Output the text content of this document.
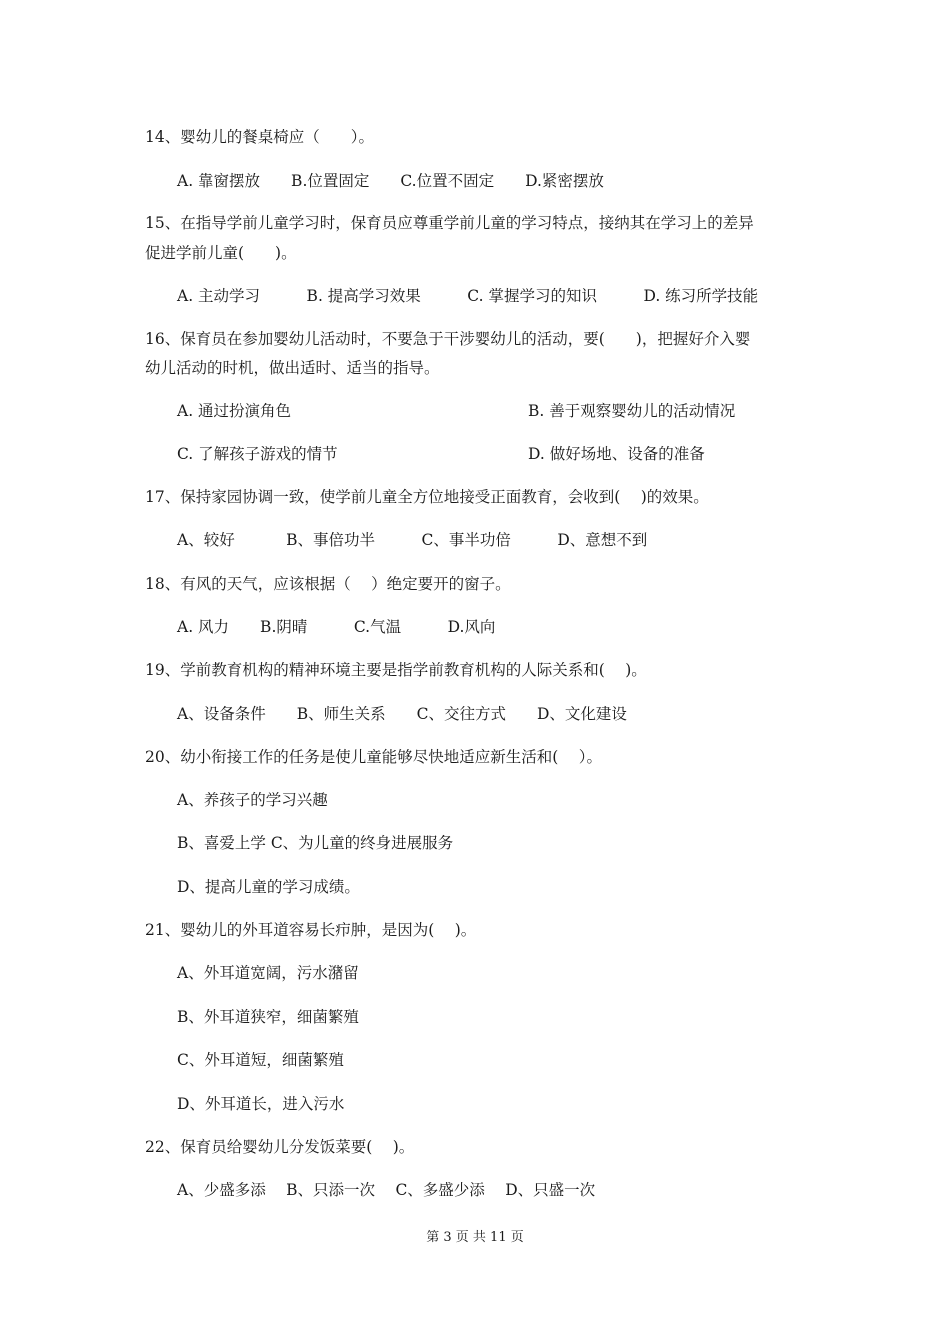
14、婴幼儿的餐桌椅应（　　）。
A. 靠窗摆放　　B.位置固定　　C.位置不固定　　D.紧密摆放
15、在指导学前儿童学习时，保育员应尊重学前儿童的学习特点，接纳其在学习上的差异
促进学前儿童(　　)。
A. 主动学习　　　B. 提高学习效果　　　C. 掌握学习的知识　　　D. 练习所学技能
16、保育员在参加婴幼儿活动时，不要急于干涉婴幼儿的活动，要(　　)，把握好介入婴
幼儿活动的时机，做出适时、适当的指导。
A. 通过扮演角色	B. 善于观察婴幼儿的活动情况
C. 了解孩子游戏的情节	D. 做好场地、设备的准备
17、保持家园协调一致，使学前儿童全方位地接受正面教育，会收到(　 )的效果。
A、较好　　　 B、事倍功半　　　C、事半功倍　　　D、意想不到
18、有风的天气，应该根据（　 ）绝定要开的窗子。
A. 风力　　B.阴晴　　　C.气温　　　D.风向
19、学前教育机构的精神环境主要是指学前教育机构的人际关系和(　 )。
A、设备条件　　B、师生关系　　C、交往方式　　D、文化建设
20、幼小衔接工作的任务是使儿童能够尽快地适应新生活和(　 ）。
A、养孩子的学习兴趣
B、喜爱上学 C、为儿童的终身进展服务
D、提高儿童的学习成绩。
21、婴幼儿的外耳道容易长疖肿，是因为(　 )。
A、外耳道宽阔，污水潴留
B、外耳道狭窄，细菌繁殖
C、外耳道短，细菌繁殖
D、外耳道长，进入污水
22、保育员给婴幼儿分发饭菜要(　 )。
A、少盛多添　 B、只添一次　 C、多盛少添　 D、只盛一次
第 3 页 共 11 页
